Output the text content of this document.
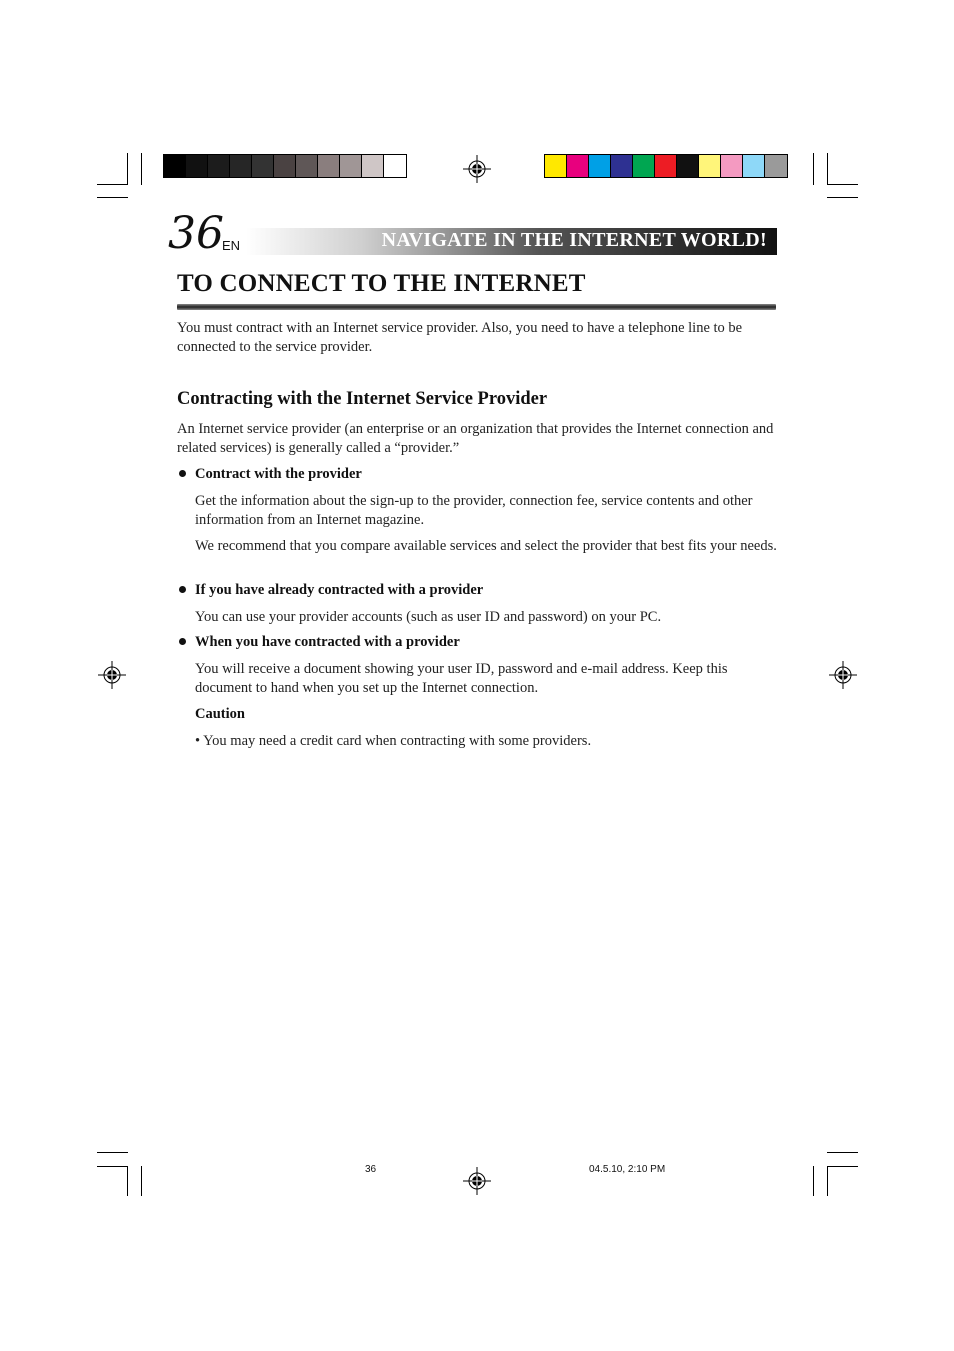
36
EN	NAVIGATE IN THE INTERNET WORLD!
TO CONNECT TO THE INTERNET
You must contract with an Internet service provider. Also, you need to have a telephone line to be connected to the service provider.
Contracting with the Internet Service Provider
An Internet service provider (an enterprise or an organization that provides the Internet connection and related services) is generally called a “provider.”
Contract with the provider
Get the information about the sign-up to the provider, connection fee, service contents and other information from an Internet magazine.
We recommend that you compare available services and select the provider that best fits your needs.
If you have already contracted with a provider
You can use your provider accounts (such as user ID and password) on your PC.
When you have contracted with a provider
You will receive a document showing your user ID, password and e-mail address. Keep this document to hand when you set up the Internet connection.
Caution
• You may need a credit card when contracting with some providers.
36	04.5.10, 2:10 PM
